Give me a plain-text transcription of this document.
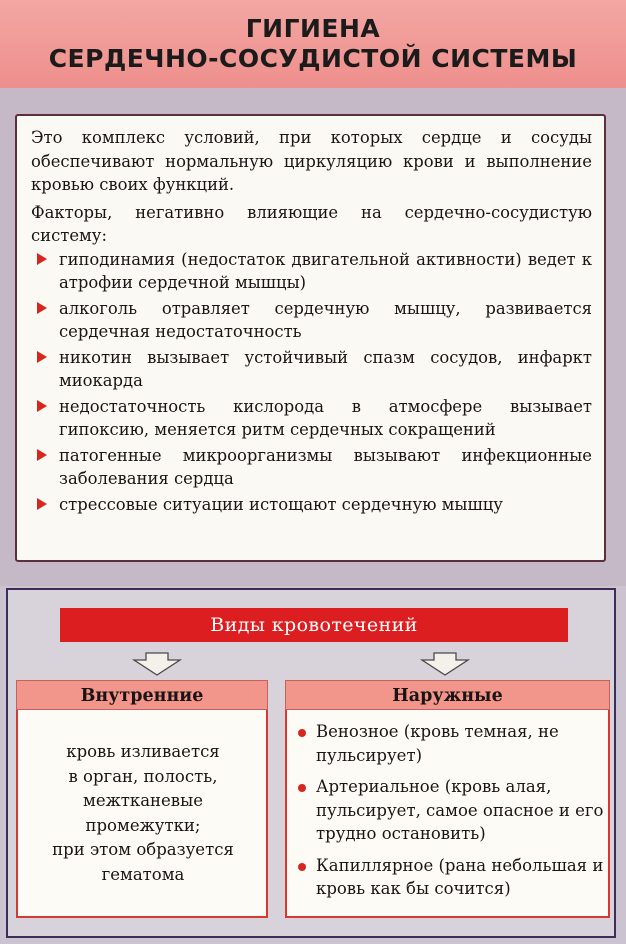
ГИГИЕНА
СЕРДЕЧНО-СОСУДИСТОЙ СИСТЕМЫ

Это комплекс условий, при которых сердце и сосуды обеспечивают нормальную циркуляцию крови и выполнение кровью своих функций.

Факторы, негативно влияющие на сердечно-сосудистую систему:

гиподинамия (недостаток двигательной активности) ведет к атрофии сердечной мышцы)
алкоголь отравляет сердечную мышцу, развивается сердечная недостаточность
никотин вызывает устойчивый спазм сосудов, инфаркт миокарда
недостаточность кислорода в атмосфере вызывает гипоксию, меняется ритм сердечных сокращений
патогенные микроорганизмы вызывают инфекционные заболевания сердца
стрессовые ситуации истощают сердечную мышцу
Виды кровотечений
Внутренние
кровь изливается
в орган, полость,
межтканевые
промежутки;
при этом образуется
гематома
Наружные
Венозное (кровь темная, не пульсирует)
Артериальное (кровь алая, пульсирует, самое опасное и его трудно остановить)
Капиллярное (рана небольшая и кровь как бы сочится)
